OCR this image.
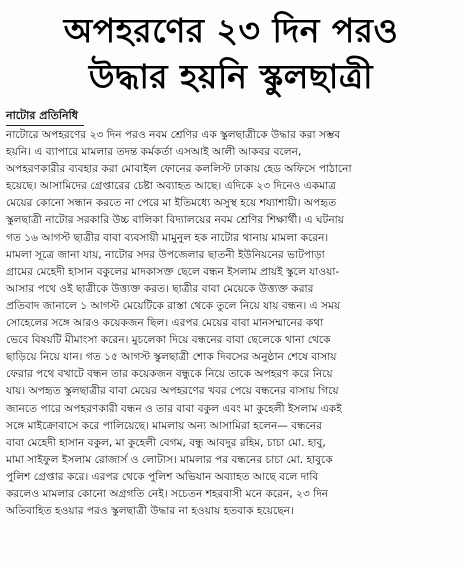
অপহরণের ২৩ দিন পরও
উদ্ধার হয়নি স্কুলছাত্রী
নাটোর প্রতিনিধি
নাটোরে অপহরণের ২৩ দিন পরও নবম শ্রেণির এক স্কুলছাত্রীকে উদ্ধার করা সম্ভব
হয়নি। এ ব্যাপারে মামলার তদন্ত কর্মকর্তা এসআই আলী আকবর বলেন,
অপহরণকারীর ব্যবহার করা মোবাইল ফোনের কললিস্ট ঢাকায় হেড অফিসে পাঠানো
হয়েছে। আসামিদের গ্রেপ্তারের চেষ্টা অব্যাহত আছে। এদিকে ২৩ দিনেও একমাত্র
মেয়ের কোনো সন্ধান করতে না পেরে মা ইতিমধ্যে অসুস্থ হয়ে শয্যাশায়ী। অপহৃত
স্কুলছাত্রী নাটোর সরকারি উচ্চ বালিকা বিদ্যালয়ের নবম শ্রেণির শিক্ষার্থী। এ ঘটনায়
গত ১৬ আগস্ট ছাত্রীর বাবা ব্যবসায়ী মামুনুল হক নাটোর থানায় মামলা করেন।
মামলা সূত্রে জানা যায়, নাটোর সদর উপজেলার ছাতনী ইউনিয়নের ভাটপাড়া
গ্রামের মেহেদী হাসান বকুলের মাদকাসক্ত ছেলে বন্ধন ইসলাম প্রায়ই স্কুলে যাওয়া-
আসার পথে ওই ছাত্রীকে উত্ত্যক্ত করত। ছাত্রীর বাবা মেয়েকে উত্ত্যক্ত করার
প্রতিবাদ জানালে ১ আগস্ট মেয়েটিকে রাস্তা থেকে তুলে নিয়ে যায় বন্ধন। এ সময়
সোহেলের সঙ্গে আরও কয়েকজন ছিল। এরপর মেয়ের বাবা মানসম্মানের কথা
ভেবে বিষয়টি মীমাংসা করেন। মুচলেকা দিয়ে বন্ধনের বাবা ছেলেকে থানা থেকে
ছাড়িয়ে নিয়ে যান। গত ১৫ আগস্ট স্কুলছাত্রী শোক দিবসের অনুষ্ঠান শেষে বাসায়
ফেরার পথে বখাটে বন্ধন তার কয়েকজন বন্ধুকে নিয়ে তাকে অপহরণ করে নিয়ে
যায়। অপহৃত স্কুলছাত্রীর বাবা মেয়ের অপহরণের খবর পেয়ে বন্ধনের বাসায় গিয়ে
জানতে পারে অপহরণকারী বন্ধন ও তার বাবা বকুল এবং মা কুহেলী ইসলাম একই
সঙ্গে মাইক্রোবাসে করে পালিয়েছে। মামলায় অন্য আসামিরা হলেন— বন্ধনের
বাবা মেহেদী হাসান বকুল, মা কুহেলী বেগম, বন্ধু আবদুর রহিম, চাচা মো. হাবু,
মামা সাইফুল ইসলাম রোজার্স ও লোটাস। মামলার পর বন্ধনের চাচা মো. হাবুকে
পুলিশ গ্রেপ্তার করে। এরপর থেকে পুলিশ অভিযান অব্যাহত আছে বলে দাবি
করলেও মামলার কোনো অগ্রগতি নেই। সচেতন শহরবাসী মনে করেন, ২৩ দিন
অতিবাহিত হওয়ার পরও স্কুলছাত্রী উদ্ধার না হওয়ায় হতবাক হয়েছেন।
